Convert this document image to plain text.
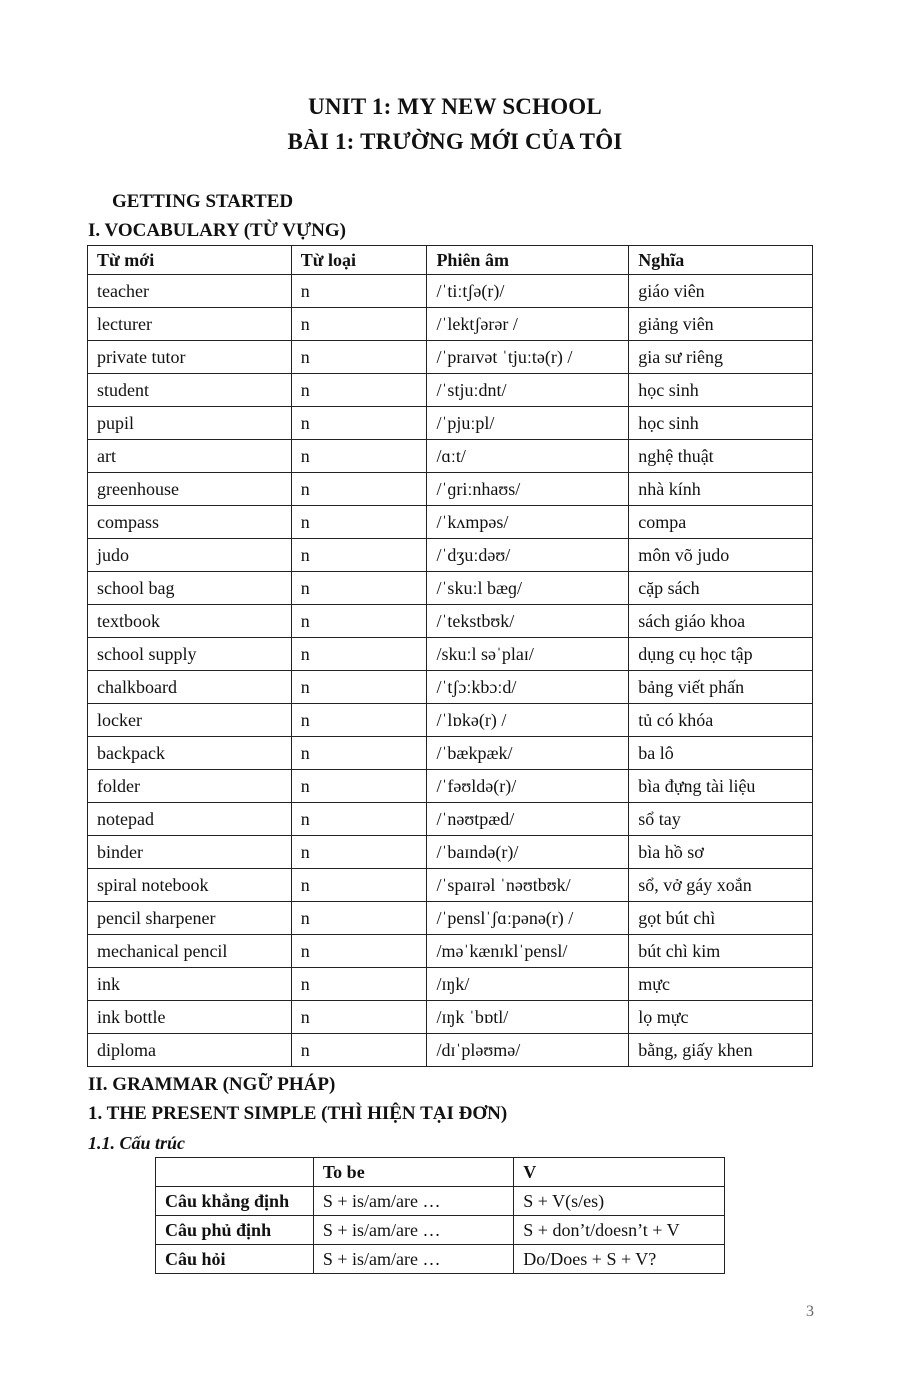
UNIT 1: MY NEW SCHOOL
BÀI 1: TRƯỜNG MỚI CỦA TÔI
GETTING STARTED
I. VOCABULARY (TỪ VỰNG)
Từ mới	Từ loại	Phiên âm	Nghĩa
teacher	n	/ˈtiːtʃə(r)/	giáo viên
lecturer	n	/ˈlektʃərər /	giảng viên
private tutor	n	/ˈpraɪvət ˈtjuːtə(r) /	gia sư riêng
student	n	/ˈstjuːdnt/	học sinh
pupil	n	/ˈpjuːpl/	học sinh
art	n	/ɑːt/	nghệ thuật
greenhouse	n	/ˈɡriːnhaʊs/	nhà kính
compass	n	/ˈkʌmpəs/	compa
judo	n	/ˈdʒuːdəʊ/	môn võ judo
school bag	n	/ˈskuːl bæɡ/	cặp sách
textbook	n	/ˈtekstbʊk/	sách giáo khoa
school supply	n	/skuːl səˈplaɪ/	dụng cụ học tập
chalkboard	n	/ˈtʃɔːkbɔːd/	bảng viết phấn
locker	n	/ˈlɒkə(r) /	tủ có khóa
backpack	n	/ˈbækpæk/	ba lô
folder	n	/ˈfəʊldə(r)/	bìa đựng tài liệu
notepad	n	/ˈnəʊtpæd/	sổ tay
binder	n	/ˈbaɪndə(r)/	bìa hồ sơ
spiral notebook	n	/ˈspaɪrəl ˈnəʊtbʊk/	sổ, vở gáy xoắn
pencil sharpener	n	/ˈpenslˈʃɑːpənə(r) /	gọt bút chì
mechanical pencil	n	/məˈkænɪklˈpensl/	bút chì kim
ink	n	/ɪŋk/	mực
ink bottle	n	/ɪŋk ˈbɒtl/	lọ mực
diploma	n	/dɪˈpləʊmə/	bằng, giấy khen
II. GRAMMAR (NGỮ PHÁP)
1. THE PRESENT SIMPLE (THÌ HIỆN TẠI ĐƠN)
1.1. Cấu trúc
	To be	V
Câu khẳng định	S + is/am/are …	S + V(s/es)
Câu phủ định	S + is/am/are …	S + don’t/doesn’t + V
Câu hỏi	S + is/am/are …	Do/Does + S + V?
3
